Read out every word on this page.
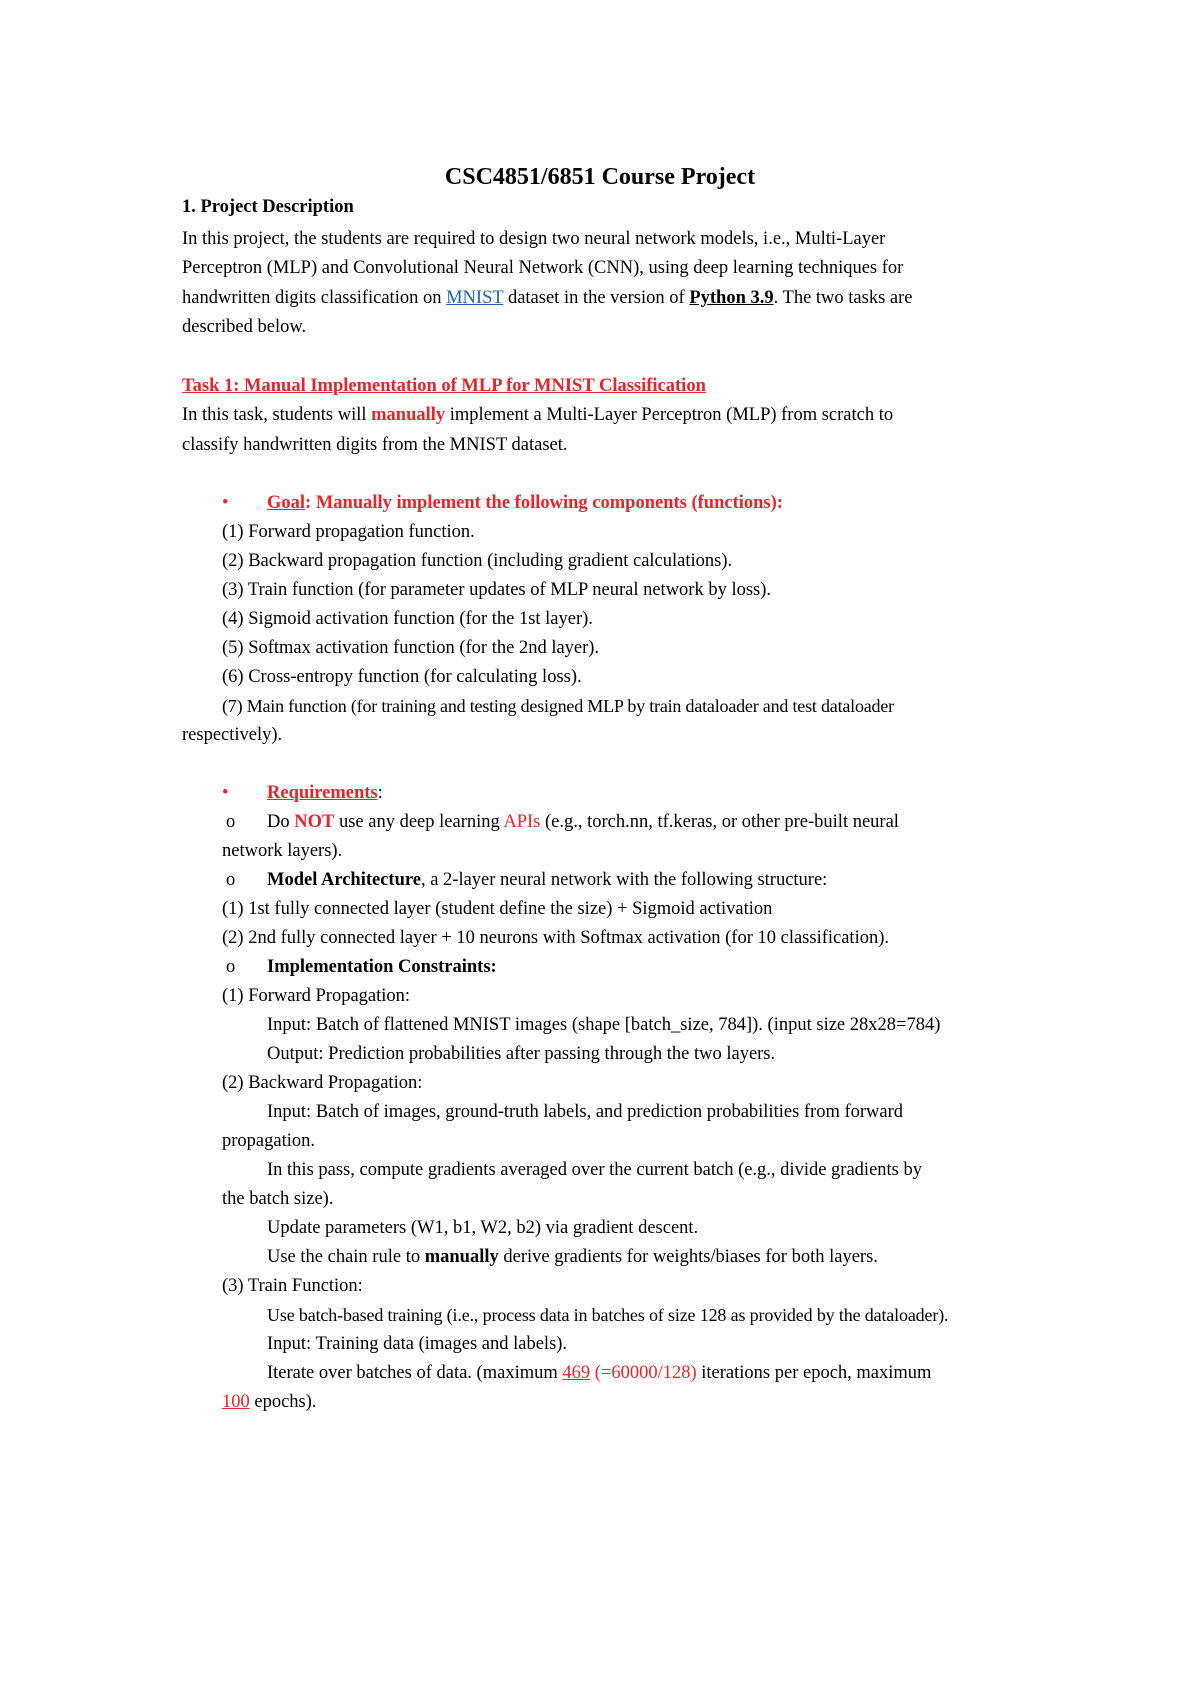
CSC4851/6851 Course Project

1. Project Description

In this project, the students are required to design two neural network models, i.e., Multi-Layer

Perceptron (MLP) and Convolutional Neural Network (CNN), using deep learning techniques for

handwritten digits classification on MNIST dataset in the version of Python 3.9. The two tasks are

described below.

Task 1: Manual Implementation of MLP for MNIST Classification

In this task, students will manually implement a Multi-Layer Perceptron (MLP) from scratch to

classify handwritten digits from the MNIST dataset.

• Goal: Manually implement the following components (functions):

(1) Forward propagation function.

(2) Backward propagation function (including gradient calculations).

(3) Train function (for parameter updates of MLP neural network by loss).

(4) Sigmoid activation function (for the 1st layer).

(5) Softmax activation function (for the 2nd layer).

(6) Cross-entropy function (for calculating loss).

(7) Main function (for training and testing designed MLP by train dataloader and test dataloader

respectively).

• Requirements:

o Do NOT use any deep learning APIs (e.g., torch.nn, tf.keras, or other pre-built neural

network layers).

o Model Architecture, a 2-layer neural network with the following structure:

(1) 1st fully connected layer (student define the size) + Sigmoid activation

(2) 2nd fully connected layer + 10 neurons with Softmax activation (for 10 classification).

o Implementation Constraints:

(1) Forward Propagation:

Input: Batch of flattened MNIST images (shape [batch_size, 784]). (input size 28x28=784)

Output: Prediction probabilities after passing through the two layers.

(2) Backward Propagation:

Input: Batch of images, ground-truth labels, and prediction probabilities from forward

propagation.

In this pass, compute gradients averaged over the current batch (e.g., divide gradients by

the batch size).

Update parameters (W1, b1, W2, b2) via gradient descent.

Use the chain rule to manually derive gradients for weights/biases for both layers.

(3) Train Function:

Use batch-based training (i.e., process data in batches of size 128 as provided by the dataloader).

Input: Training data (images and labels).

Iterate over batches of data. (maximum 469 (=60000/128) iterations per epoch, maximum

100 epochs).
